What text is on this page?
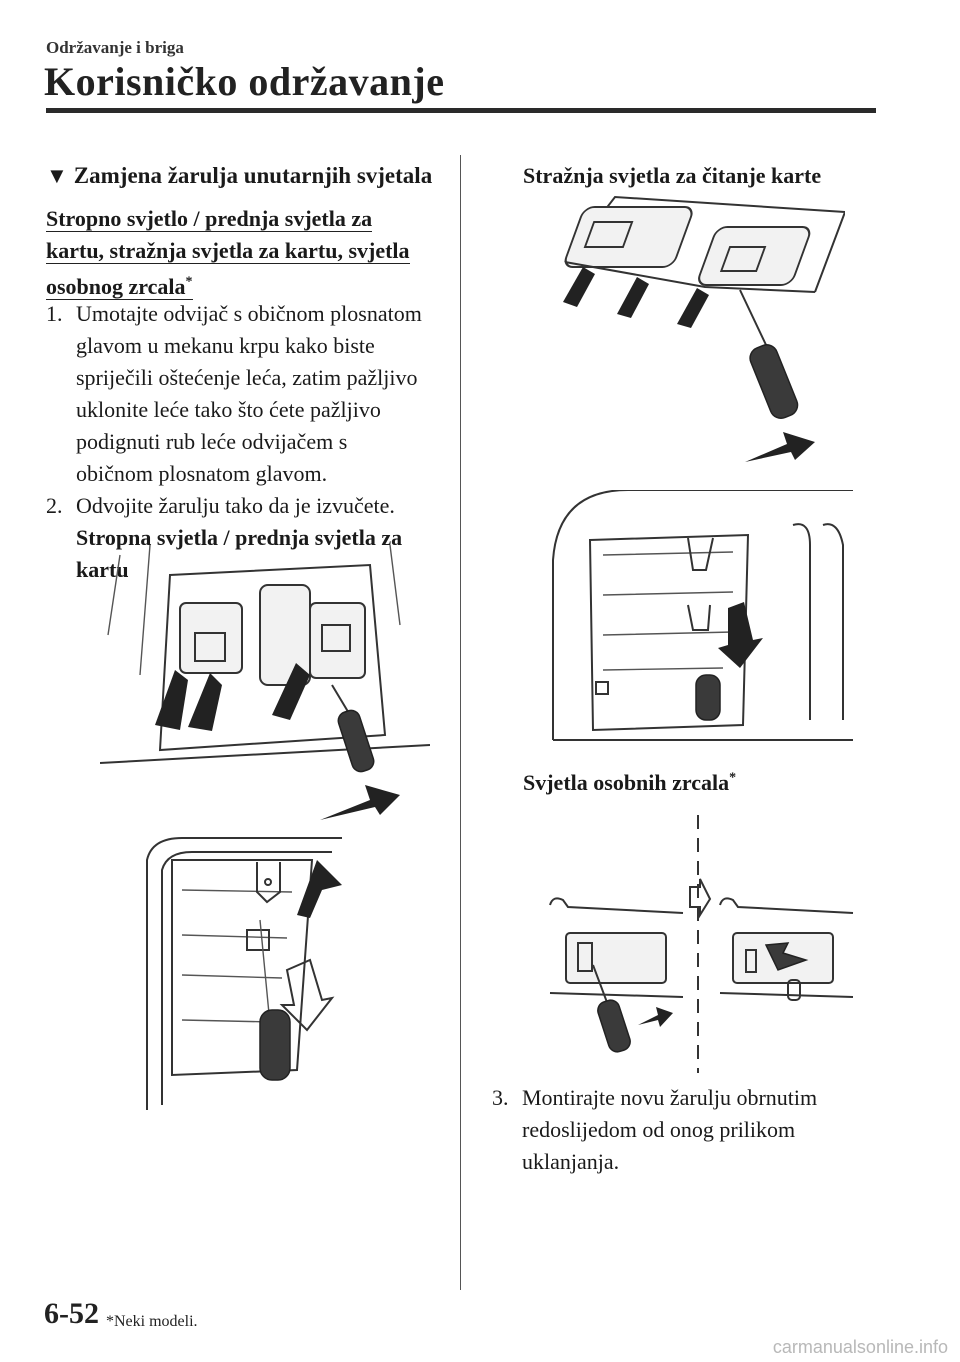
Održavanje i briga
Korisničko održavanje
▼ Zamjena žarulja unutarnjih svjetala
Stropno svjetlo / prednja svjetla za
kartu, stražnja svjetla za kartu, svjetla
osobnog zrcala*
1. Umotajte odvijač s običnom plosnatom
glavom u mekanu krpu kako biste
spriječili oštećenje leća, zatim pažljivo
uklonite leće tako što ćete pažljivo
podignuti rub leće odvijačem s
običnom plosnatom glavom.
2. Odvojite žarulju tako da je izvučete.
Stropna svjetla / prednja svjetla za
kartu
Stražnja svjetla za čitanje karte
Svjetla osobnih zrcala*
3. Montirajte novu žarulju obrnutim
redoslijedom od onog prilikom
uklanjanja.
6-52 *Neki modeli.
carmanualsonline.info
